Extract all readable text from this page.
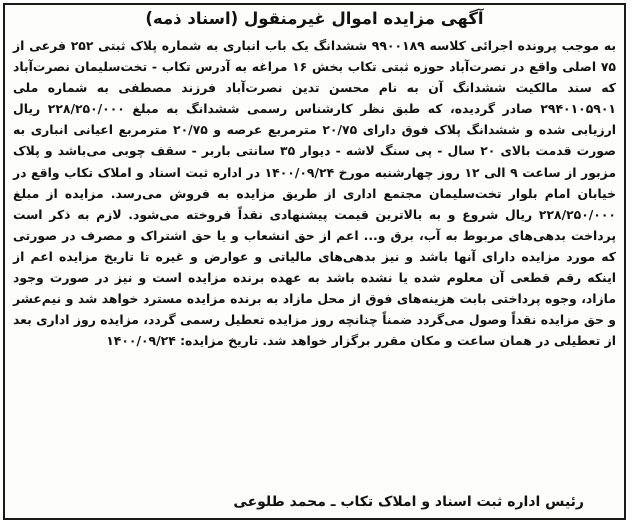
آگهی مزایده اموال غیرمنقول (اسناد ذمه)
به موجب پرونده اجرائی کلاسه ۹۹۰۰۱۸۹ ششدانگ یک باب انباری به شماره پلاک ثبتی ۲۵۲ فرعی از ۷۵ اصلی واقع در نصرت‌آباد حوزه ثبتی تکاب بخش ۱۶ مراغه به آدرس تکاب - تخت‌سلیمان نصرت‌آباد که سند مالکیت ششدانگ آن به نام محسن تدین نصرت‌آباد فرزند مصطفی به شماره ملی ۲۹۴۰۱۰۵۹۰۱ صادر گردیده، که طبق نظر کارشناس رسمی ششدانگ به مبلغ ۲۲۸/۲۵۰/۰۰۰ ریال ارزیابی شده و ششدانگ پلاک فوق دارای ۲۰/۷۵ مترمربع عرصه و ۲۰/۷۵ مترمربع اعیانی انباری به صورت قدمت بالای ۲۰ سال - پی سنگ لاشه - دیوار ۳۵ سانتی باربر - سقف چوبی می‌باشد و پلاک مزبور از ساعت ۹ الی ۱۲ روز چهارشنبه مورخ ۱۴۰۰/۰۹/۲۴ در اداره ثبت اسناد و املاک تکاب واقع در خیابان امام بلوار تخت‌سلیمان مجتمع اداری از طریق مزایده به فروش می‌رسد. مزایده از مبلغ ۲۲۸/۲۵۰/۰۰۰ ریال شروع و به بالاترین قیمت پیشنهادی نقداً فروخته می‌شود. لازم به ذکر است پرداخت بدهی‌های مربوط به آب، برق و... اعم از حق انشعاب و یا حق اشتراک و مصرف در صورتی که مورد مزایده دارای آنها باشد و نیز بدهی‌های مالیاتی و عوارض و غیره تا تاریخ مزایده اعم از اینکه رقم قطعی آن معلوم شده یا نشده باشد به عهده برنده مزایده است و نیز در صورت وجود مازاد، وجوه پرداختی بابت هزینه‌های فوق از محل مازاد به برنده مزایده مسترد خواهد شد و نیم‌عشر و حق مزایده نقداً وصول می‌گردد ضمناً چنانچه روز مزایده تعطیل رسمی گردد، مزایده روز اداری بعد از تعطیلی در همان ساعت و مکان مقرر برگزار خواهد شد. تاریخ مزایده: ۱۴۰۰/۰۹/۲۴
رئیس اداره ثبت اسناد و املاک تکاب ـ محمد طلوعی
